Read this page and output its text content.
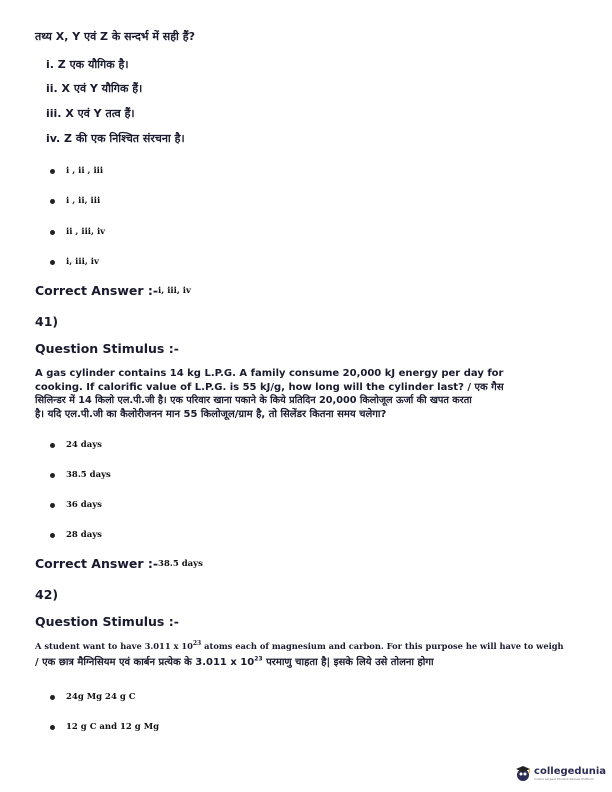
तथ्य X, Y एवं Z के सन्दर्भ में सही हैं?
i. Z एक यौगिक है।
ii. X एवं Y यौगिक हैं।
iii. X एवं Y तत्व हैं।
iv. Z की एक निश्चित संरचना है।
i , ii , iii
i , ii, iii
ii , iii, iv
i, iii, iv
Correct Answer :- i, iii, iv
41)
Question Stimulus :-
A gas cylinder contains 14 kg L.P.G. A family consume 20,000 kJ energy per day for
cooking. If calorific value of L.P.G. is 55 kJ/g, how long will the cylinder last? / एक गैस
सिलिन्डर में 14 किलो एल.पी.जी है। एक परिवार खाना पकाने के किये प्रतिदिन 20,000 किलोजूल ऊर्जा की खपत करता
है। यदि एल.पी.जी का कैलोरीजनन मान 55 किलोजूल/ग्राम है, तो सिलेंडर कितना समय चलेगा?
24 days
38.5 days
36 days
28 days
Correct Answer :- 38.5 days
42)
Question Stimulus :-
A student want to have 3.011 x $10^{23}$ atoms each of magnesium and carbon. For this purpose he will have to weigh
/ एक छात्र मैग्निसियम एवं कार्बन प्रत्येक के 3.011 x $10^{23}$ परमाणु चाहता है| इसके लिये उसे तोलना होगा
24g Mg 24 g C
12 g C and 12 g Mg
collegedunia
India's Largest Student Review Platform
